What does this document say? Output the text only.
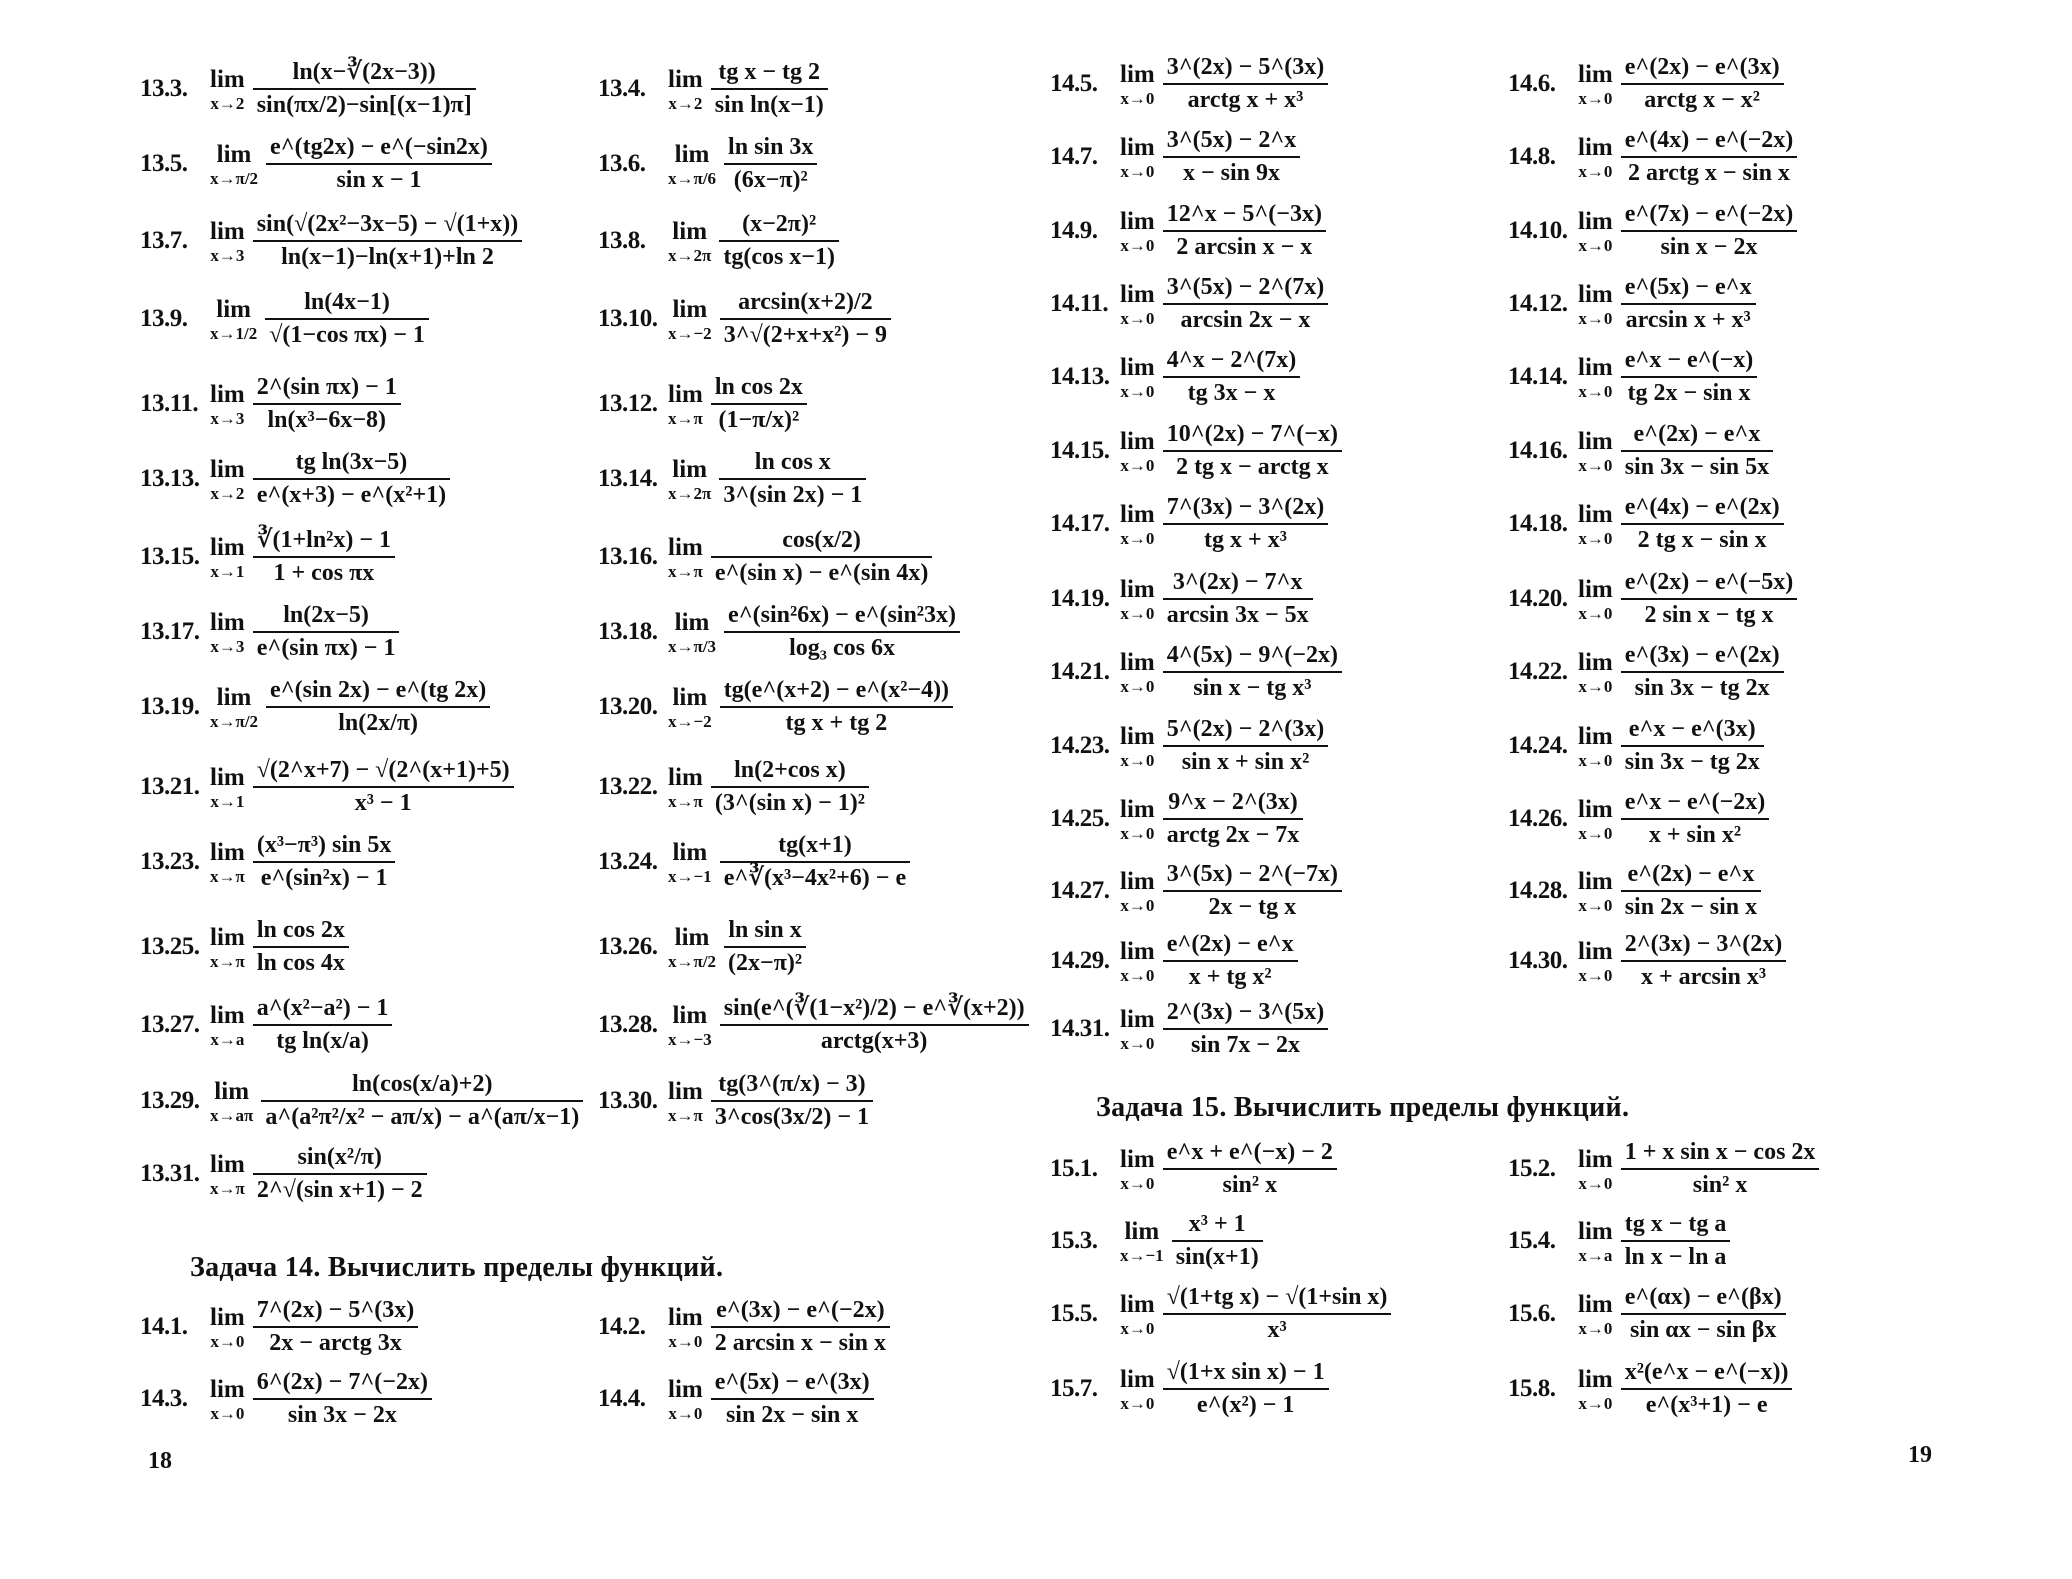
13.3. lim
$x\to 2 \frac{\ln(x-∛(2x-3))}{\sin(\pi x/2)-\sin[(x-1)\pi]}$
13.5.	lim
$x\to\pi/2 \frac{e\^{}(tg2x) - e\^{}(-\sin 2x)}{\text{sin x − 1}}$
13.7. lim
$x\to 3 \frac{\text{sin(√(2x²−3x−5) − √(1+x))}}{\ln(x-1)-\ln(x+1)+\ln 2}$
13.9.	lim
$x\to 1/2 \frac{\ln(4x-1)}{\text{√(1−cos πx) − 1}}$
13.11. lim
$x\to 3 \frac{\text{2\textasciicircum{}(sin πx) − 1}}{\text{ln(x³−6x−8)}}$
13.13. lim
$x\to 2 \frac{\text{tg ln(3x−5)}}{\text{e\textasciicircum{}(x+3) − e\textasciicircum{}(x²+1)}}$
13.15. lim
$x\to 1 \frac{\text{∛(1+ln²x) − 1}}{\text{1 + cos πx}}$
13.17. lim
$x\to 3 \frac{\ln(2x-5)}{\text{e\textasciicircum{}(sin πx) − 1}}$
13.19. lim
$x\to\pi/2 \frac{e\^{}(\sin 2x) - e\^{}(tg 2x)}{\ln(2x/\pi)}$
13.21. lim
$x\to 1 \frac{√(2\^{}x+7) - √(2\^{}(x+1)+5)}{\text{x³ − 1}}$
13.23. lim
$x\to\pi \frac{\text{(x³−π³) sin 5x}}{\text{e\textasciicircum{}(sin²x) − 1}}$
13.25. lim
$x\to\pi \frac{\text{ln cos 2x}}{\text{ln cos 4x}}$
13.27. lim
$x\to a \frac{\text{a\textasciicircum{}(x²−a²) − 1}}{\text{tg ln(x/a)}}$
13.29. lim
$x\to a\pi \frac{\ln(\cos(x/a)+2)}{\text{a\textasciicircum{}(a²π²/x² − aπ/x) − a\textasciicircum{}(aπ/x−1)}}$
13.31. lim
$x\to\pi \frac{\text{sin(x²/π)}}{\text{2\textasciicircum{}√(sin x+1) − 2}}$
13.4. lim
$x\to 2 \frac{\text{tg x − tg 2}}{\text{sin ln(x−1)}}$
13.6.	lim
$x\to\pi/6 \frac{\text{ln sin 3x}}{\text{(6x−π)²}}$
13.8.	lim
$x\to 2\pi \frac{\text{(x−2π)²}}{\text{tg(cos x−1)}}$
13.10. lim
$x\to-2 \frac{\arcsin(x+2)/2}{\text{3\textasciicircum{}√(2+x+x²) − 9}}$
13.12. lim
$x\to\pi \frac{\text{ln cos 2x}}{\text{(1−π/x)²}}$
13.14. lim
$x\to 2\pi \frac{\text{ln cos x}}{3\^{}(\sin 2x) - 1}$
13.16. lim
$x\to\pi \frac{\cos(x/2)}{\text{e\textasciicircum{}(sin x) − e\textasciicircum{}(sin 4x)}}$
13.18. lim
$x\to\pi/3 \frac{\text{e\textasciicircum{}(sin²6x) − e\textasciicircum{}(sin²3x)}}{\text{log₃ cos 6x}}$
13.20. lim
$x\to-2 \frac{\text{tg(e\textasciicircum{}(x+2) − e\textasciicircum{}(x²−4))}}{\text{tg x + tg 2}}$
13.22. lim
$x\to\pi \frac{\text{ln(2+cos x)}}{\text{(3\textasciicircum{}(sin x) − 1)²}}$
13.24. lim
$x\to-1 \frac{tg(x+1)}{\text{e\textasciicircum{}∛(x³−4x²+6) − e}}$
13.26. lim
$x\to\pi/2 \frac{\text{ln sin x}}{\text{(2x−π)²}}$
13.28. lim
$x\to-3 \frac{\text{sin(e\textasciicircum{}(∛(1−x²)/2) − e\textasciicircum{}∛(x+2))}}{\text{arctg(x+3)}}$
13.30. lim
$x\to\pi \frac{tg(3\^{}(\pi/x) - 3)}{3\^{}\cos(3x/2) - 1}$
Задача 14. Вычислить пределы функций.
14.1. lim
$x\to 0 \frac{7\^{}(2x) - 5\^{}(3x)}{\text{2x − arctg 3x}}$
14.3. lim
$x\to 0 \frac{6\^{}(2x) - 7\^{}(-2x)}{\sin 3x - 2x}$
14.2. lim
$x\to 0 \frac{e\^{}(3x) - e\^{}(-2x)}{\text{2 arcsin x − sin x}}$
14.4. lim
$x\to 0 \frac{e\^{}(5x) - e\^{}(3x)}{\text{sin 2x − sin x}}$
18
14.5. lim
$x\to 0 \frac{3\^{}(2x) - 5\^{}(3x)}{\text{arctg x + x³}}$
14.7. lim
$x\to 0 \frac{3\^{}(5x) - 2\^{}x}{x - \sin 9x}$
14.9. lim
$x\to 0 \frac{12\^{}x - 5\^{}(-3x)}{\text{2 arcsin x − x}}$
14.11. lim
$x\to 0 \frac{3\^{}(5x) - 2\^{}(7x)}{\arcsin 2x - x}$
14.13. lim
$x\to 0 \frac{4\^{}x - 2\^{}(7x)}{tg 3x - x}$
14.15. lim
$x\to 0 \frac{10\^{}(2x) - 7\^{}(-x)}{\text{2 tg x − arctg x}}$
14.17. lim
$x\to 0 \frac{7\^{}(3x) - 3\^{}(2x)}{\text{tg x + x³}}$
14.19. lim
$x\to 0 \frac{3\^{}(2x) - 7\^{}x}{\arcsin 3x - 5x}$
14.21. lim
$x\to 0 \frac{4\^{}(5x) - 9\^{}(-2x)}{\text{sin x − tg x³}}$
14.23. lim
$x\to 0 \frac{5\^{}(2x) - 2\^{}(3x)}{\text{sin x + sin x²}}$
14.25. lim
$x\to 0 \frac{9\^{}x - 2\^{}(3x)}{\text{arctg 2x − 7x}}$
14.27. lim
$x\to 0 \frac{3\^{}(5x) - 2\^{}(-7x)}{\text{2x − tg x}}$
14.29. lim
$x\to 0 \frac{e\^{}(2x) - e\^{}x}{\text{x + tg x²}}$
14.31. lim
$x\to 0 \frac{2\^{}(3x) - 3\^{}(5x)}{\sin 7x - 2x}$
14.6. lim
$x\to 0 \frac{e\^{}(2x) - e\^{}(3x)}{\text{arctg x − x²}}$
14.8. lim
$x\to 0 \frac{e\^{}(4x) - e\^{}(-2x)}{\text{2 arctg x − sin x}}$
14.10. lim
$x\to 0 \frac{e\^{}(7x) - e\^{}(-2x)}{\text{sin x − 2x}}$
14.12. lim
$x\to 0 \frac{e\^{}(5x) - e\^{}x}{\text{arcsin x + x³}}$
14.14. lim
$x\to 0 \frac{e\^{}x - e\^{}(-x)}{\text{tg 2x − sin x}}$
14.16. lim
$x\to 0 \frac{e\^{}(2x) - e\^{}x}{\sin 3x - \sin 5x}$
14.18. lim
$x\to 0 \frac{e\^{}(4x) - e\^{}(2x)}{\text{2 tg x − sin x}}$
14.20. lim
$x\to 0 \frac{e\^{}(2x) - e\^{}(-5x)}{\text{2 sin x − tg x}}$
14.22. lim
$x\to 0 \frac{e\^{}(3x) - e\^{}(2x)}{\sin 3x - tg 2x}$
14.24. lim
$x\to 0 \frac{e\^{}x - e\^{}(3x)}{\sin 3x - tg 2x}$
14.26. lim
$x\to 0 \frac{e\^{}x - e\^{}(-2x)}{\text{x + sin x²}}$
14.28. lim
$x\to 0 \frac{e\^{}(2x) - e\^{}x}{\text{sin 2x − sin x}}$
14.30. lim
$x\to 0 \frac{2\^{}(3x) - 3\^{}(2x)}{\text{x + arcsin x³}}$
Задача 15. Вычислить пределы функций.
15.1. lim
$x\to 0 \frac{e\^{}x + e\^{}(-x) - 2}{\text{sin² x}}$
15.3.	lim
$x\to-1 \frac{\text{x³ + 1}}{\sin(x+1)}$
15.5. lim
$x\to 0 \frac{\text{√(1+tg x) − √(1+sin x)}}{\text{x³}}$
15.7. lim
$x\to 0 \frac{\text{√(1+x sin x) − 1}}{\text{e\textasciicircum{}(x²) − 1}}$
15.2. lim
$x\to 0 \frac{\text{1 + x sin x − cos 2x}}{\text{sin² x}}$
15.4. lim
$x\to a \frac{\text{tg x − tg a}}{\text{ln x − ln a}}$
15.6. lim
$x\to 0 \frac{e\^{}(\alpha x) - e\^{}(\beta x)}{\text{sin αx − sin βx}}$
15.8. lim
$x\to 0 \frac{\text{x²(e\textasciicircum{}x − e\textasciicircum{}(−x))}}{\text{e\textasciicircum{}(x³+1) − e}}$
19
